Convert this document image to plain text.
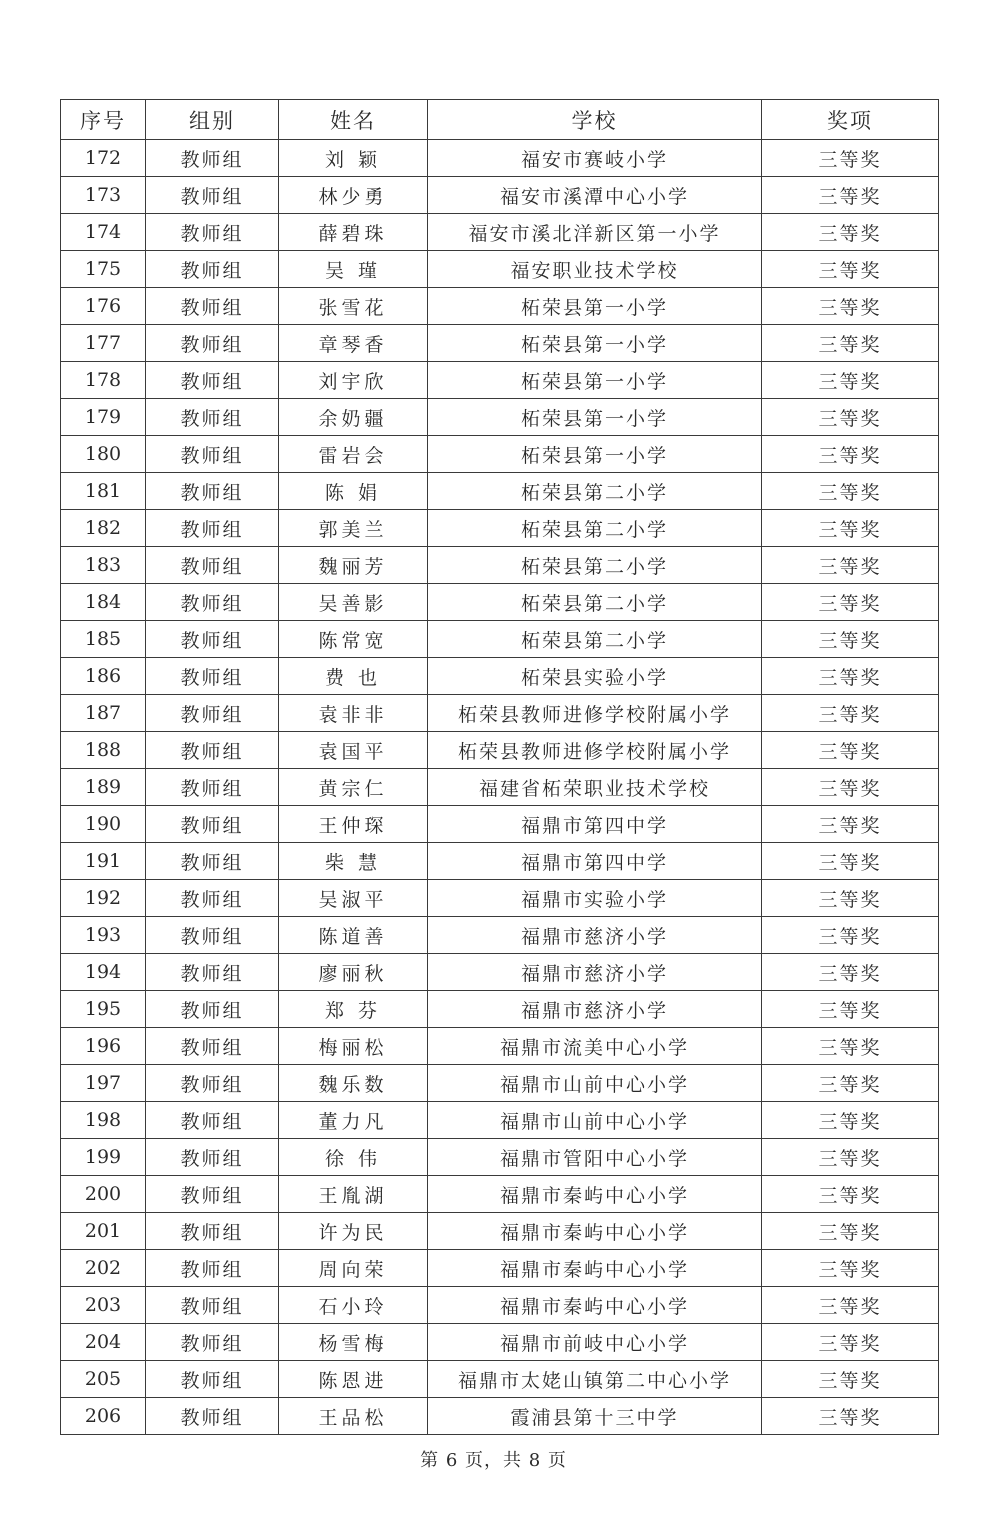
序号	组别	姓名	学校	奖项
172	教师组	刘 颖	福安市赛岐小学	三等奖
173	教师组	林少勇	福安市溪潭中心小学	三等奖
174	教师组	薛碧珠	福安市溪北洋新区第一小学	三等奖
175	教师组	吴 瑾	福安职业技术学校	三等奖
176	教师组	张雪花	柘荣县第一小学	三等奖
177	教师组	章琴香	柘荣县第一小学	三等奖
178	教师组	刘宇欣	柘荣县第一小学	三等奖
179	教师组	余奶疆	柘荣县第一小学	三等奖
180	教师组	雷岩会	柘荣县第一小学	三等奖
181	教师组	陈 娟	柘荣县第二小学	三等奖
182	教师组	郭美兰	柘荣县第二小学	三等奖
183	教师组	魏丽芳	柘荣县第二小学	三等奖
184	教师组	吴善影	柘荣县第二小学	三等奖
185	教师组	陈常宽	柘荣县第二小学	三等奖
186	教师组	费 也	柘荣县实验小学	三等奖
187	教师组	袁非非	柘荣县教师进修学校附属小学	三等奖
188	教师组	袁国平	柘荣县教师进修学校附属小学	三等奖
189	教师组	黄宗仁	福建省柘荣职业技术学校	三等奖
190	教师组	王仲琛	福鼎市第四中学	三等奖
191	教师组	柴 慧	福鼎市第四中学	三等奖
192	教师组	吴淑平	福鼎市实验小学	三等奖
193	教师组	陈道善	福鼎市慈济小学	三等奖
194	教师组	廖丽秋	福鼎市慈济小学	三等奖
195	教师组	郑 芬	福鼎市慈济小学	三等奖
196	教师组	梅丽松	福鼎市流美中心小学	三等奖
197	教师组	魏乐数	福鼎市山前中心小学	三等奖
198	教师组	董力凡	福鼎市山前中心小学	三等奖
199	教师组	徐 伟	福鼎市管阳中心小学	三等奖
200	教师组	王胤湖	福鼎市秦屿中心小学	三等奖
201	教师组	许为民	福鼎市秦屿中心小学	三等奖
202	教师组	周向荣	福鼎市秦屿中心小学	三等奖
203	教师组	石小玲	福鼎市秦屿中心小学	三等奖
204	教师组	杨雪梅	福鼎市前岐中心小学	三等奖
205	教师组	陈恩进	福鼎市太姥山镇第二中心小学	三等奖
206	教师组	王品松	霞浦县第十三中学	三等奖
第 6 页，共 8 页
